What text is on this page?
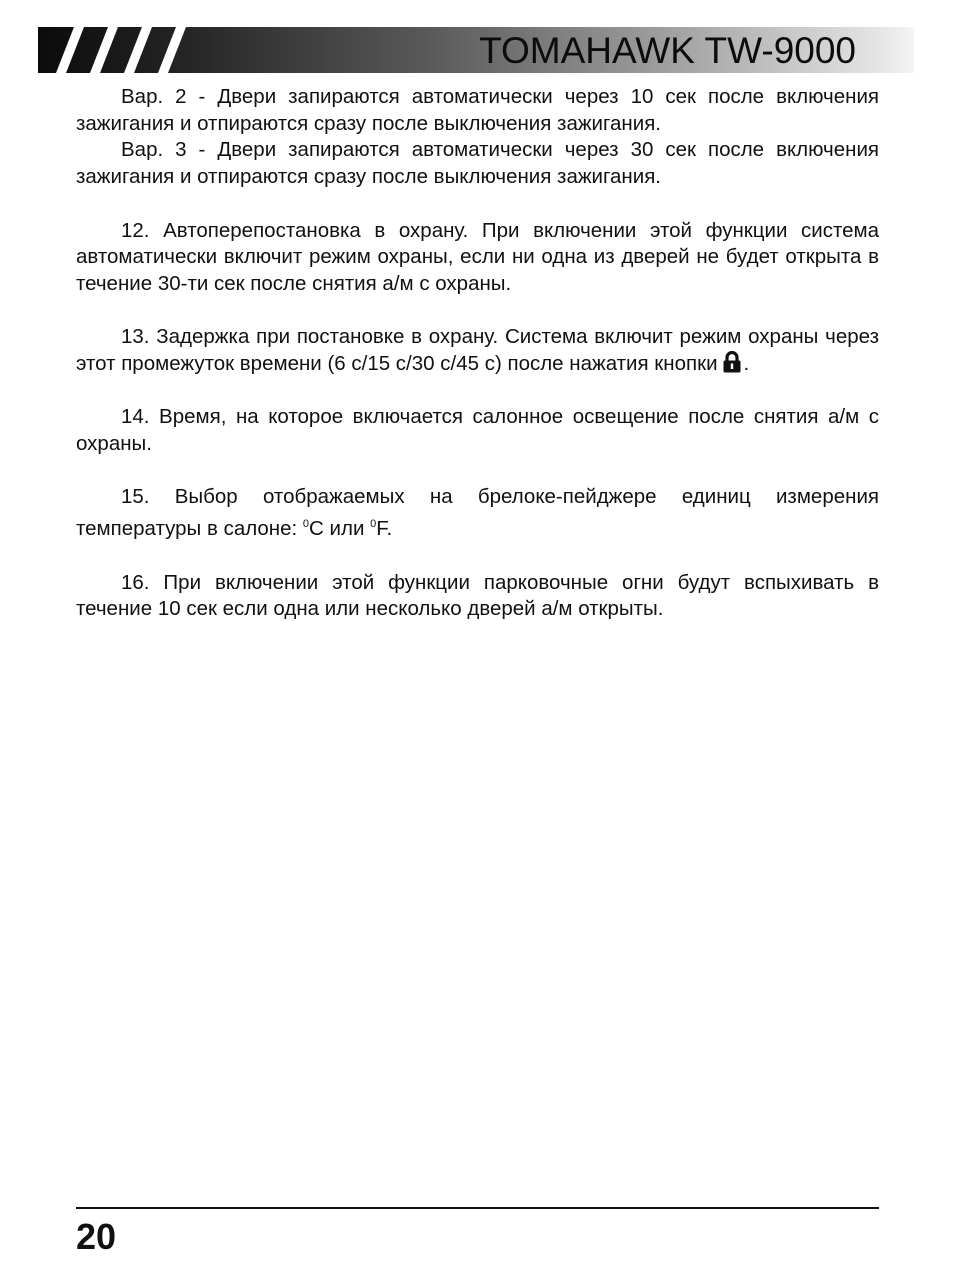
TOMAHAWK TW-9000

Вар. 2 - Двери запираются автоматически через 10 сек после включения зажигания и отпираются сразу после выключения зажигания.

Вар. 3 - Двери запираются автоматически через 30 сек после включения зажигания и отпираются сразу после выключения зажигания.

12. Автоперепостановка в охрану. При включении этой функции система автоматически включит режим охраны, если ни одна из дверей не будет открыта в течение 30-ти сек после снятия а/м с охраны.

13. Задержка при постановке в охрану. Система включит режим охраны через этот промежуток времени (6 с/15 с/30 с/45 с) после нажатия кнопки .

14. Время, на которое включается салонное освещение после снятия а/м с охраны.

15. Выбор отображаемых на брелоке-пейджере единиц измерения температуры в салоне: $^0$С или $^0$F.

16. При включении этой функции парковочные огни будут вспыхивать в течение 10 сек если одна или несколько дверей а/м открыты.

20
